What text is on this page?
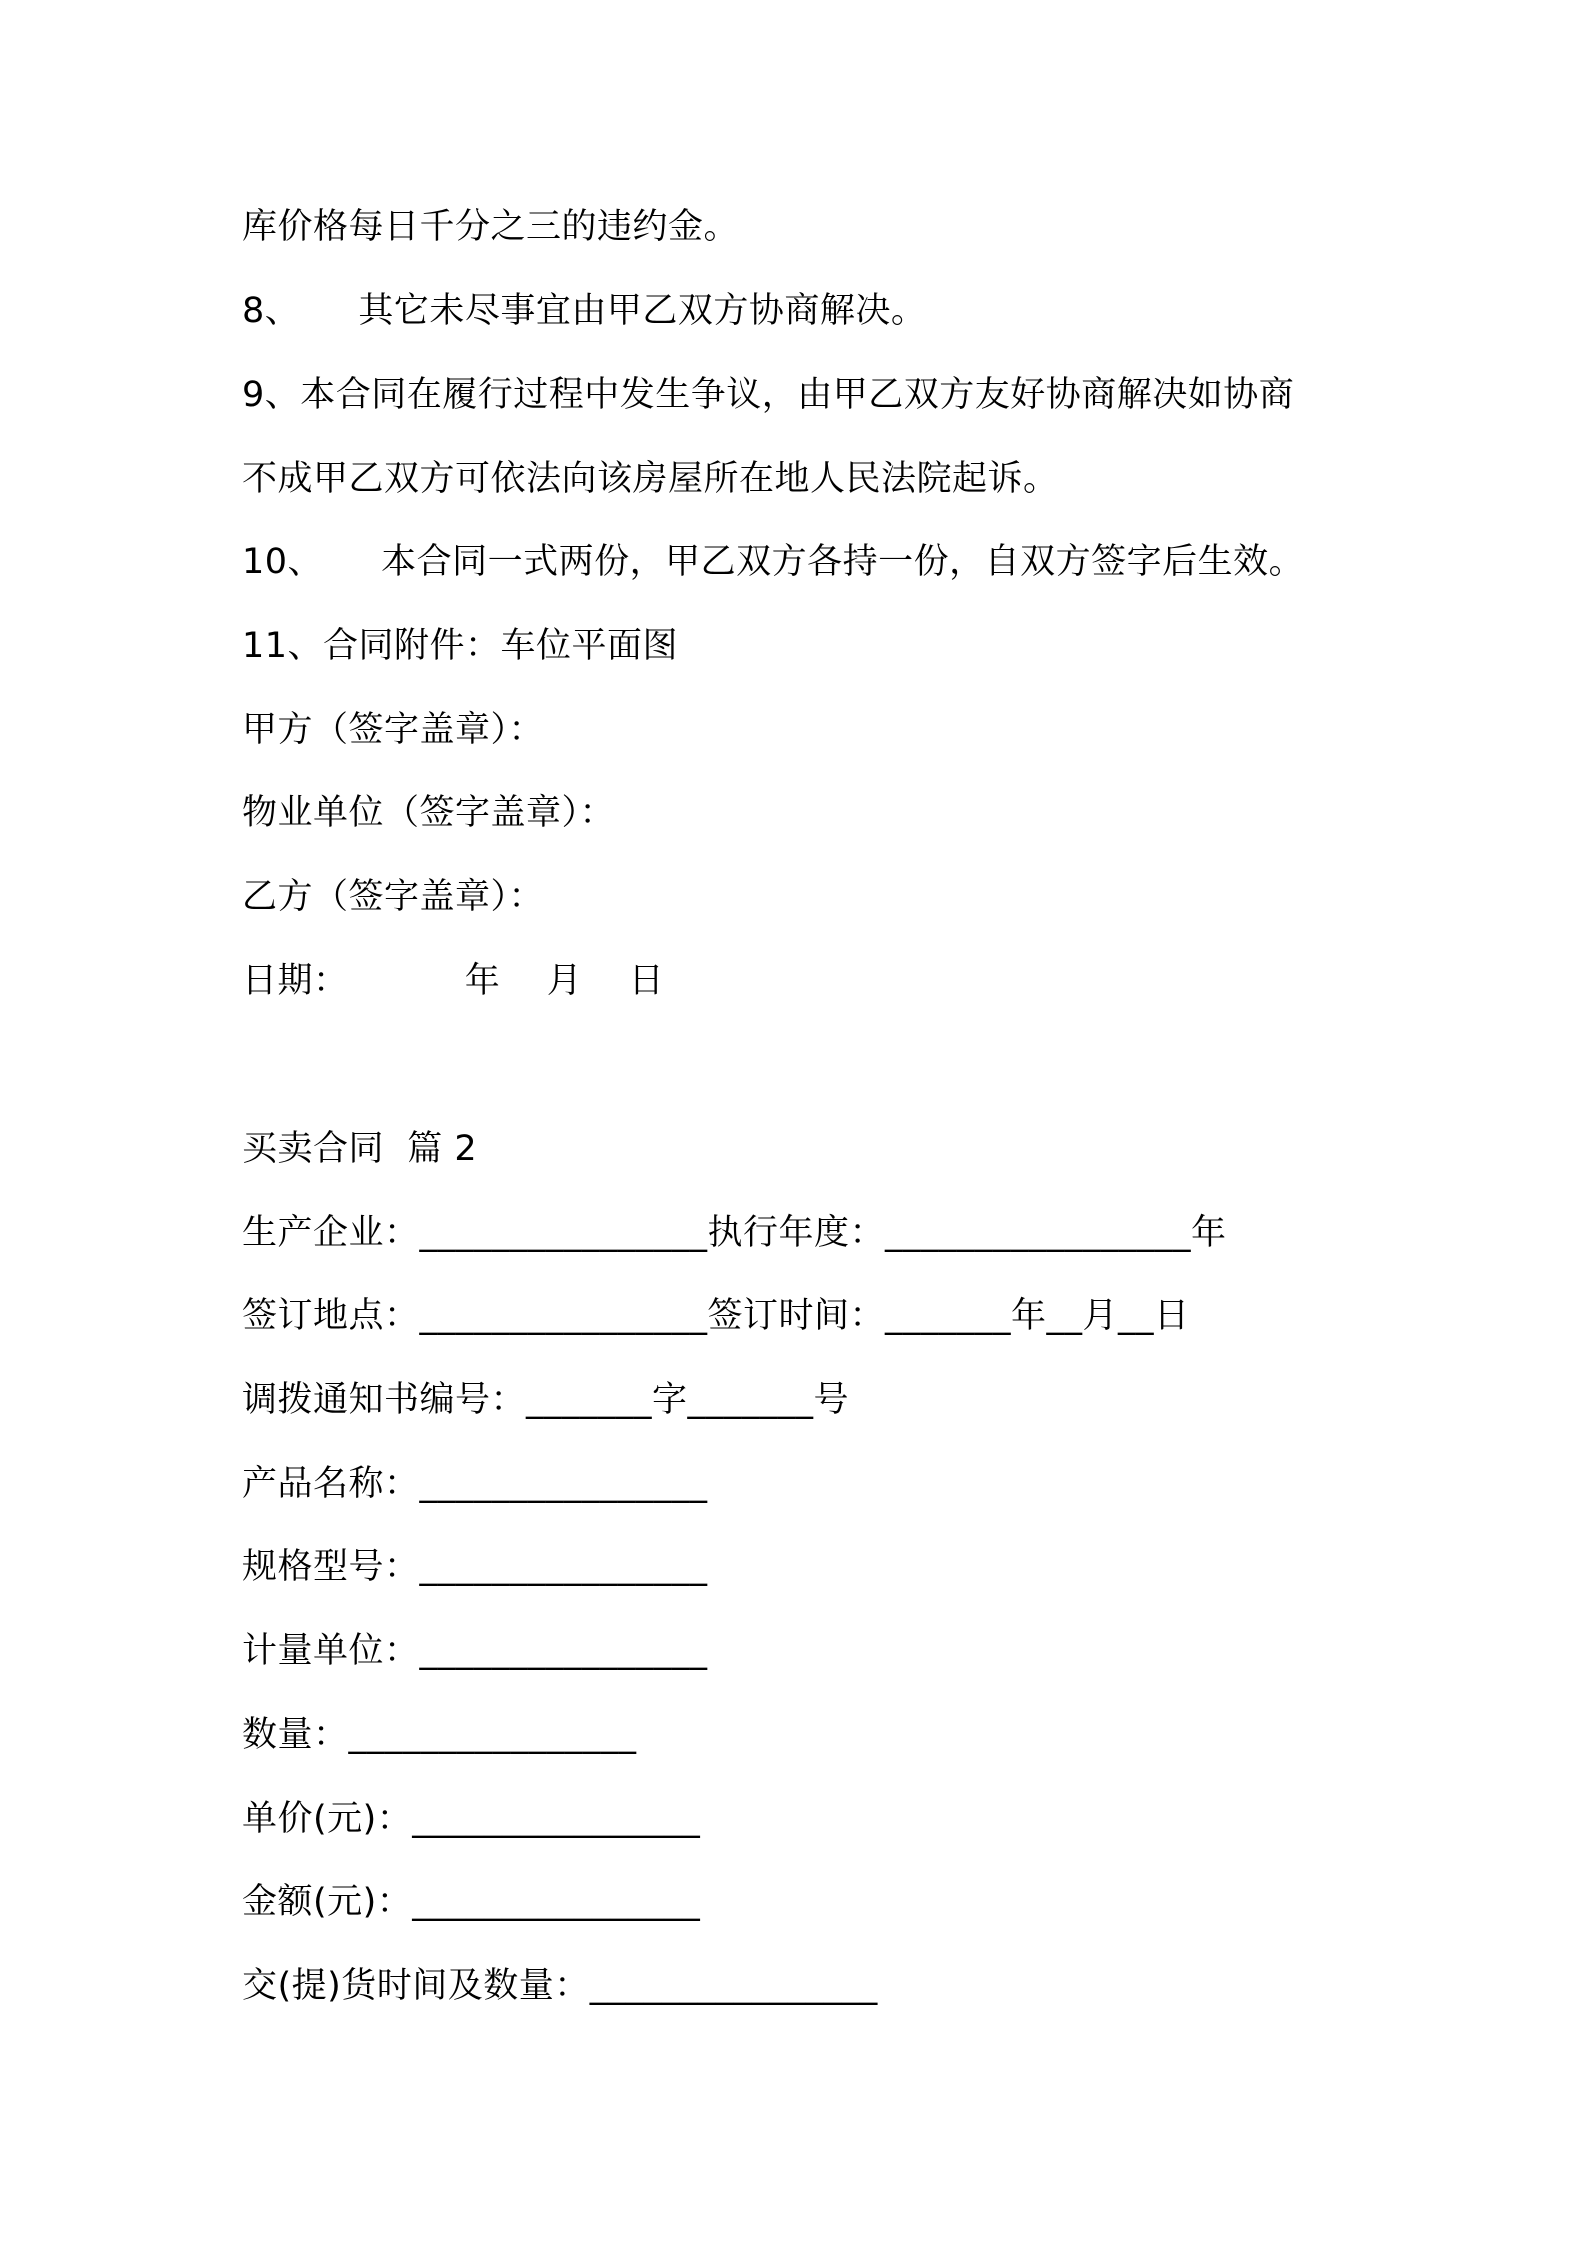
库价格每日千分之三的违约金。
8、     其它未尽事宜由甲乙双方协商解决。
9、本合同在履行过程中发生争议，由甲乙双方友好协商解决如协商
不成甲乙双方可依法向该房屋所在地人民法院起诉。
10、     本合同一式两份，甲乙双方各持一份，自双方签字后生效。
11、合同附件：车位平面图
甲方（签字盖章）：
物业单位（签字盖章）：
乙方（签字盖章）：
日期：          年    月    日
买卖合同  篇 2
生产企业：________________执行年度：_________________年
签订地点：________________签订时间：_______年__月__日
调拨通知书编号：_______字_______号
产品名称：________________
规格型号：________________
计量单位：________________
数量：________________
单价(元)：________________
金额(元)：________________
交(提)货时间及数量：________________
